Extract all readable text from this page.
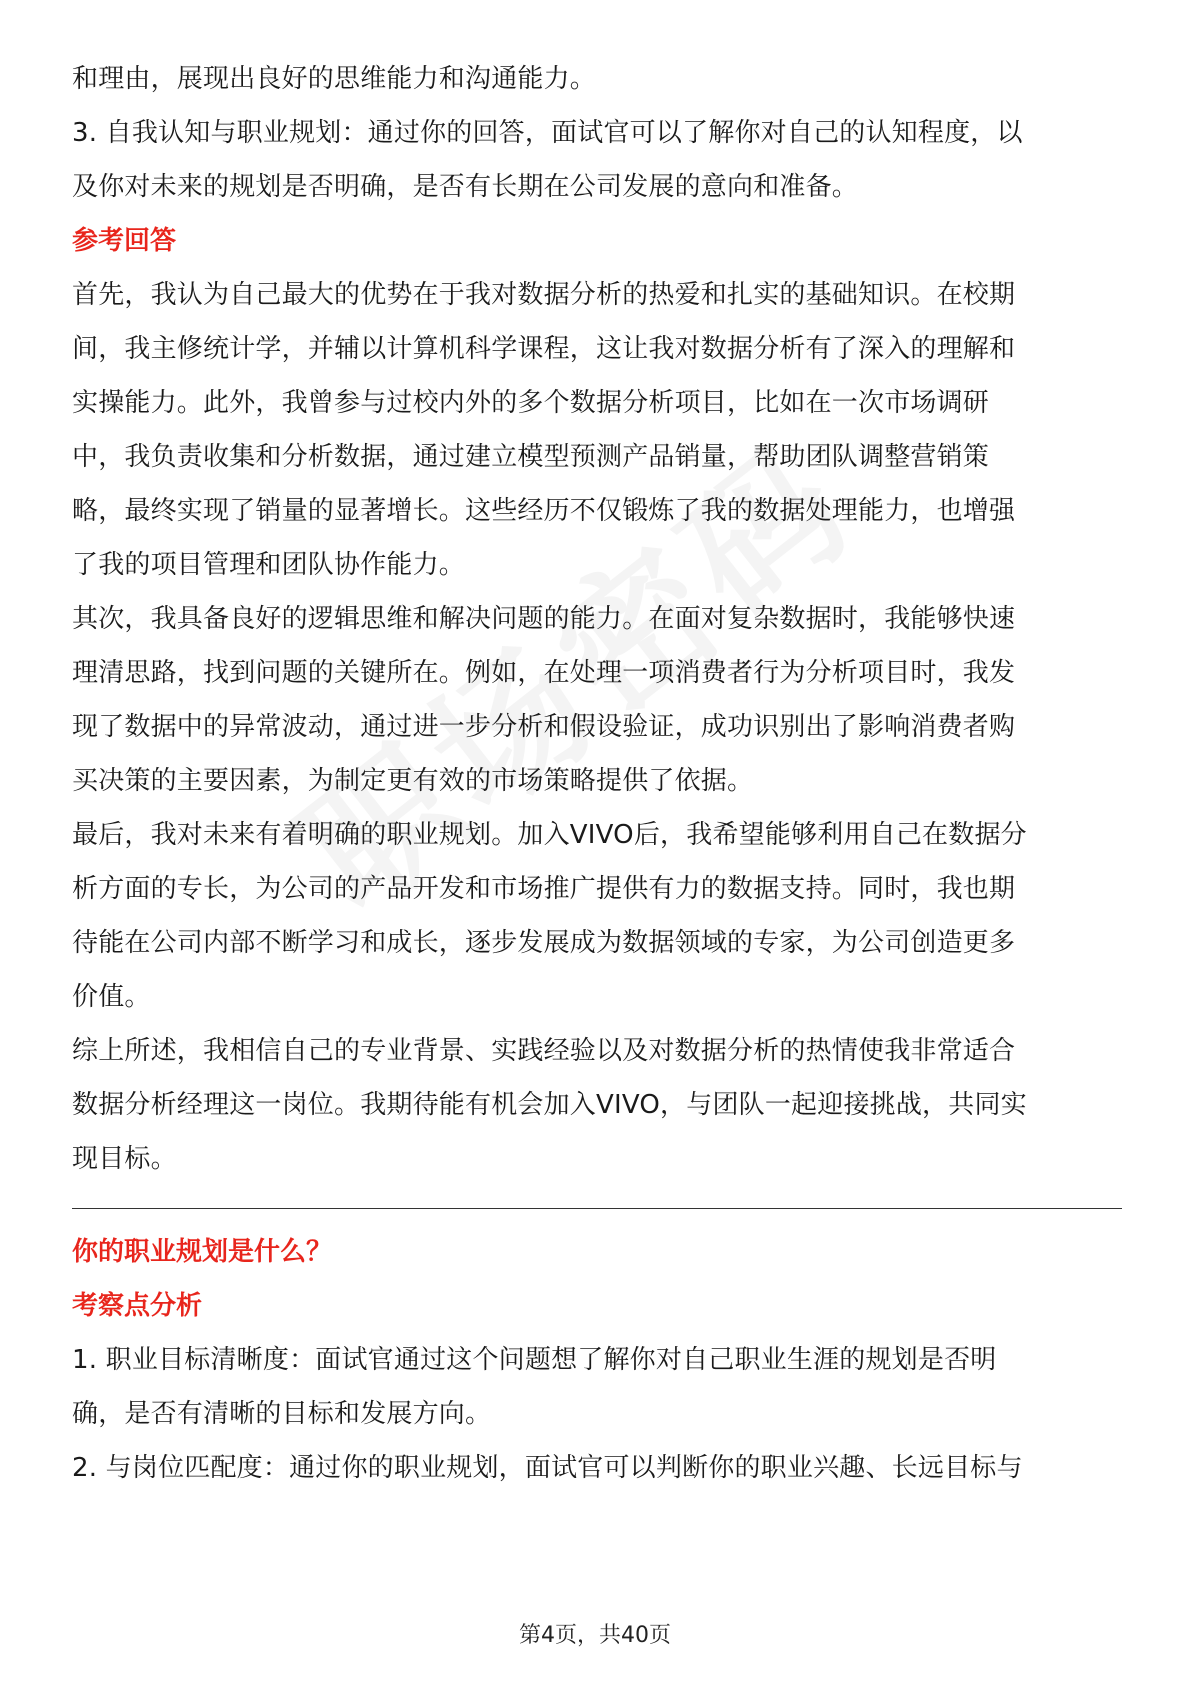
和理由，展现出良好的思维能力和沟通能力。
3. 自我认知与职业规划：通过你的回答，面试官可以了解你对自己的认知程度，以
及你对未来的规划是否明确，是否有长期在公司发展的意向和准备。
参考回答
首先，我认为自己最大的优势在于我对数据分析的热爱和扎实的基础知识。在校期
间，我主修统计学，并辅以计算机科学课程，这让我对数据分析有了深入的理解和
实操能力。此外，我曾参与过校内外的多个数据分析项目，比如在一次市场调研
中，我负责收集和分析数据，通过建立模型预测产品销量，帮助团队调整营销策
略，最终实现了销量的显著增长。这些经历不仅锻炼了我的数据处理能力，也增强
了我的项目管理和团队协作能力。
其次，我具备良好的逻辑思维和解决问题的能力。在面对复杂数据时，我能够快速
理清思路，找到问题的关键所在。例如，在处理一项消费者行为分析项目时，我发
现了数据中的异常波动，通过进一步分析和假设验证，成功识别出了影响消费者购
买决策的主要因素，为制定更有效的市场策略提供了依据。
最后，我对未来有着明确的职业规划。加入VIVO后，我希望能够利用自己在数据分
析方面的专长，为公司的产品开发和市场推广提供有力的数据支持。同时，我也期
待能在公司内部不断学习和成长，逐步发展成为数据领域的专家，为公司创造更多
价值。
综上所述，我相信自己的专业背景、实践经验以及对数据分析的热情使我非常适合
数据分析经理这一岗位。我期待能有机会加入VIVO，与团队一起迎接挑战，共同实
现目标。
你的职业规划是什么？
考察点分析
1. 职业目标清晰度：面试官通过这个问题想了解你对自己职业生涯的规划是否明
确，是否有清晰的目标和发展方向。
2. 与岗位匹配度：通过你的职业规划，面试官可以判断你的职业兴趣、长远目标与
第4页，共40页
